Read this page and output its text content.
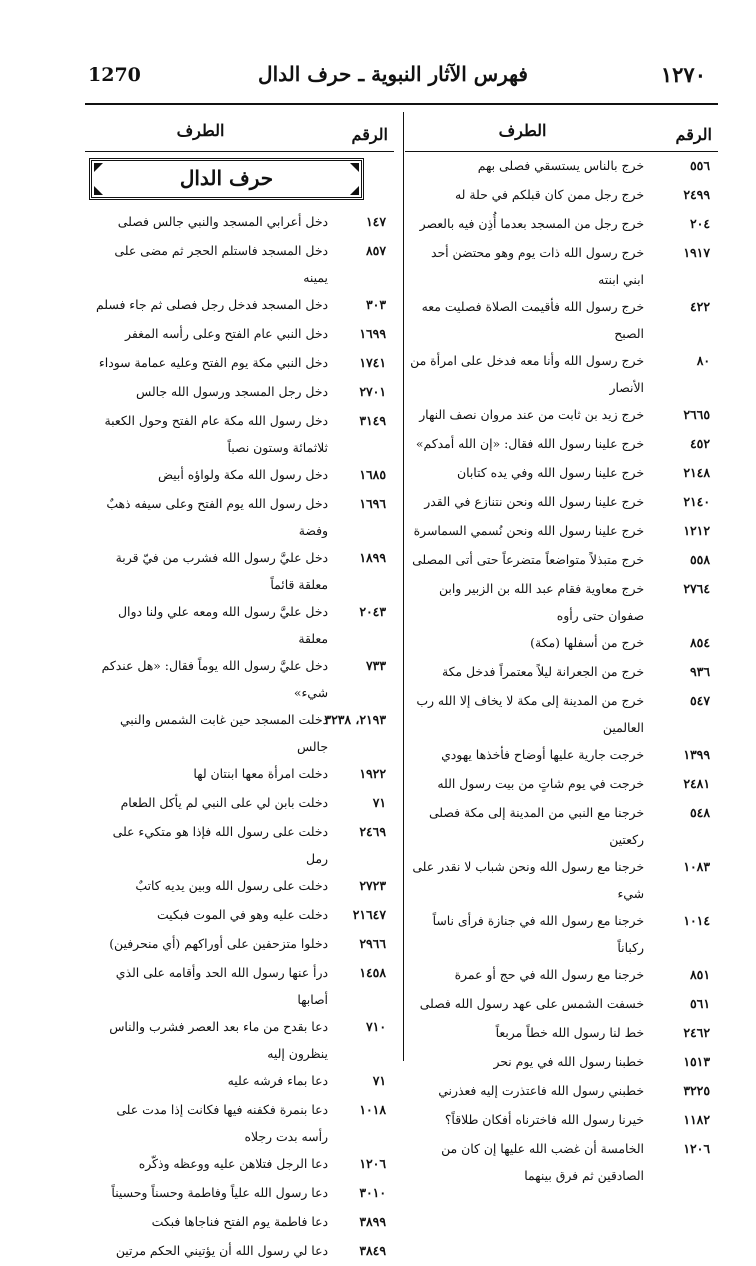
1270	فهرس الآثار النبوية ـ حرف الدال	١٢٧٠
الرقم
الطرف
٥٥٦
خرج بالناس يستسقي فصلى بهم
٢٤٩٩
خرج رجل ممن كان قبلكم في حلة له
٢٠٤
خرج رجل من المسجد بعدما أُذِن فيه بالعصر
١٩١٧
خرج رسول الله ذات يوم وهو محتضن أحد ابني ابنته
٤٢٢
خرج رسول الله فأقيمت الصلاة فصليت معه الصبح
٨٠
خرج رسول الله وأنا معه فدخل على امرأة من الأنصار
٢٦٦٥
خرج زيد بن ثابت من عند مروان نصف النهار
٤٥٢
خرج علينا رسول الله فقال: «إن الله أمدكم»
٢١٤٨
خرج علينا رسول الله وفي يده كتابان
٢١٤٠
خرج علينا رسول الله ونحن نتنازع في القدر
١٢١٢
خرج علينا رسول الله ونحن نُسمي السماسرة
٥٥٨
خرج متبذلاً متواضعاً متضرعاً حتى أتى المصلى
٢٧٦٤
خرج معاوية فقام عبد الله بن الزبير وابن صفوان حتى رأوه
٨٥٤
خرج من أسفلها (مكة)
٩٣٦
خرج من الجعرانة ليلاً معتمراً فدخل مكة
٥٤٧
خرج من المدينة إلى مكة لا يخاف إلا الله رب العالمين
١٣٩٩
خرجت جارية عليها أوضاح فأخذها يهودي
٢٤٨١
خرجت في يوم شاتٍ من بيت رسول الله
٥٤٨
خرجنا مع النبي من المدينة إلى مكة فصلى ركعتين
١٠٨٣
خرجنا مع رسول الله ونحن شباب لا نقدر على شيء
١٠١٤
خرجنا مع رسول الله في جنازة فرأى ناساً ركباناً
٨٥١
خرجنا مع رسول الله في حج أو عمرة
٥٦١
خسفت الشمس على عهد رسول الله فصلى
٢٤٦٢
خط لنا رسول الله خطاً مربعاً
١٥١٣
خطبنا رسول الله في يوم نحر
٣٢٢٥
خطبني رسول الله فاعتذرت إليه فعذرني
١١٨٢
خيرنا رسول الله فاخترناه أفكان طلاقاً؟
١٢٠٦
الخامسة أن غضب الله عليها إن كان من الصادقين ثم فرق بينهما
الرقم
الطرف
حرف الدال
١٤٧
دخل أعرابي المسجد والنبي جالس فصلى
٨٥٧
دخل المسجد فاستلم الحجر ثم مضى على يمينه
٣٠٣
دخل المسجد فدخل رجل فصلى ثم جاء فسلم
١٦٩٩
دخل النبي عام الفتح وعلى رأسه المغفر
١٧٤١
دخل النبي مكة يوم الفتح وعليه عمامة سوداء
٢٧٠١
دخل رجل المسجد ورسول الله جالس
٣١٤٩
دخل رسول الله مكة عام الفتح وحول الكعبة ثلاثمائة وستون نصباً
١٦٨٥
دخل رسول الله مكة ولواؤه أبيض
١٦٩٦
دخل رسول الله يوم الفتح وعلى سيفه ذهبٌ وفضة
١٨٩٩
دخل عليَّ رسول الله فشرب من فيّ قربة معلقة قائماً
٢٠٤٣
دخل عليَّ رسول الله ومعه علي ولنا دوال معلقة
٧٣٣
دخل عليَّ رسول الله يوماً فقال: «هل عندكم شيء»
٢١٩٣، ٣٢٣٨
دخلت المسجد حين غابت الشمس والنبي جالس
١٩٢٢
دخلت امرأة معها ابنتان لها
٧١
دخلت بابن لي على النبي لم يأكل الطعام
٢٤٦٩
دخلت على رسول الله فإذا هو متكيء على رمل
٢٧٢٣
دخلت على رسول الله وبين يديه كاتبٌ
٢١٦٤٧
دخلت عليه وهو في الموت فبكيت
٢٩٦٦
دخلوا متزحفين على أوراكهم (أي منحرفين)
١٤٥٨
درأ عنها رسول الله الحد وأقامه على الذي أصابها
٧١٠
دعا بقدح من ماء بعد العصر فشرب والناس ينظرون إليه
٧١
دعا بماء فرشه عليه
١٠١٨
دعا بنمرة فكفنه فيها فكانت إذا مدت على رأسه بدت رجلاه
١٢٠٦
دعا الرجل فتلاهن عليه ووعظه وذكّره
٣٠١٠
دعا رسول الله علياً وفاطمة وحسناً وحسيناً
٣٨٩٩
دعا فاطمة يوم الفتح فناجاها فبكت
٣٨٤٩
دعا لي رسول الله أن يؤتيني الحكم مرتين
